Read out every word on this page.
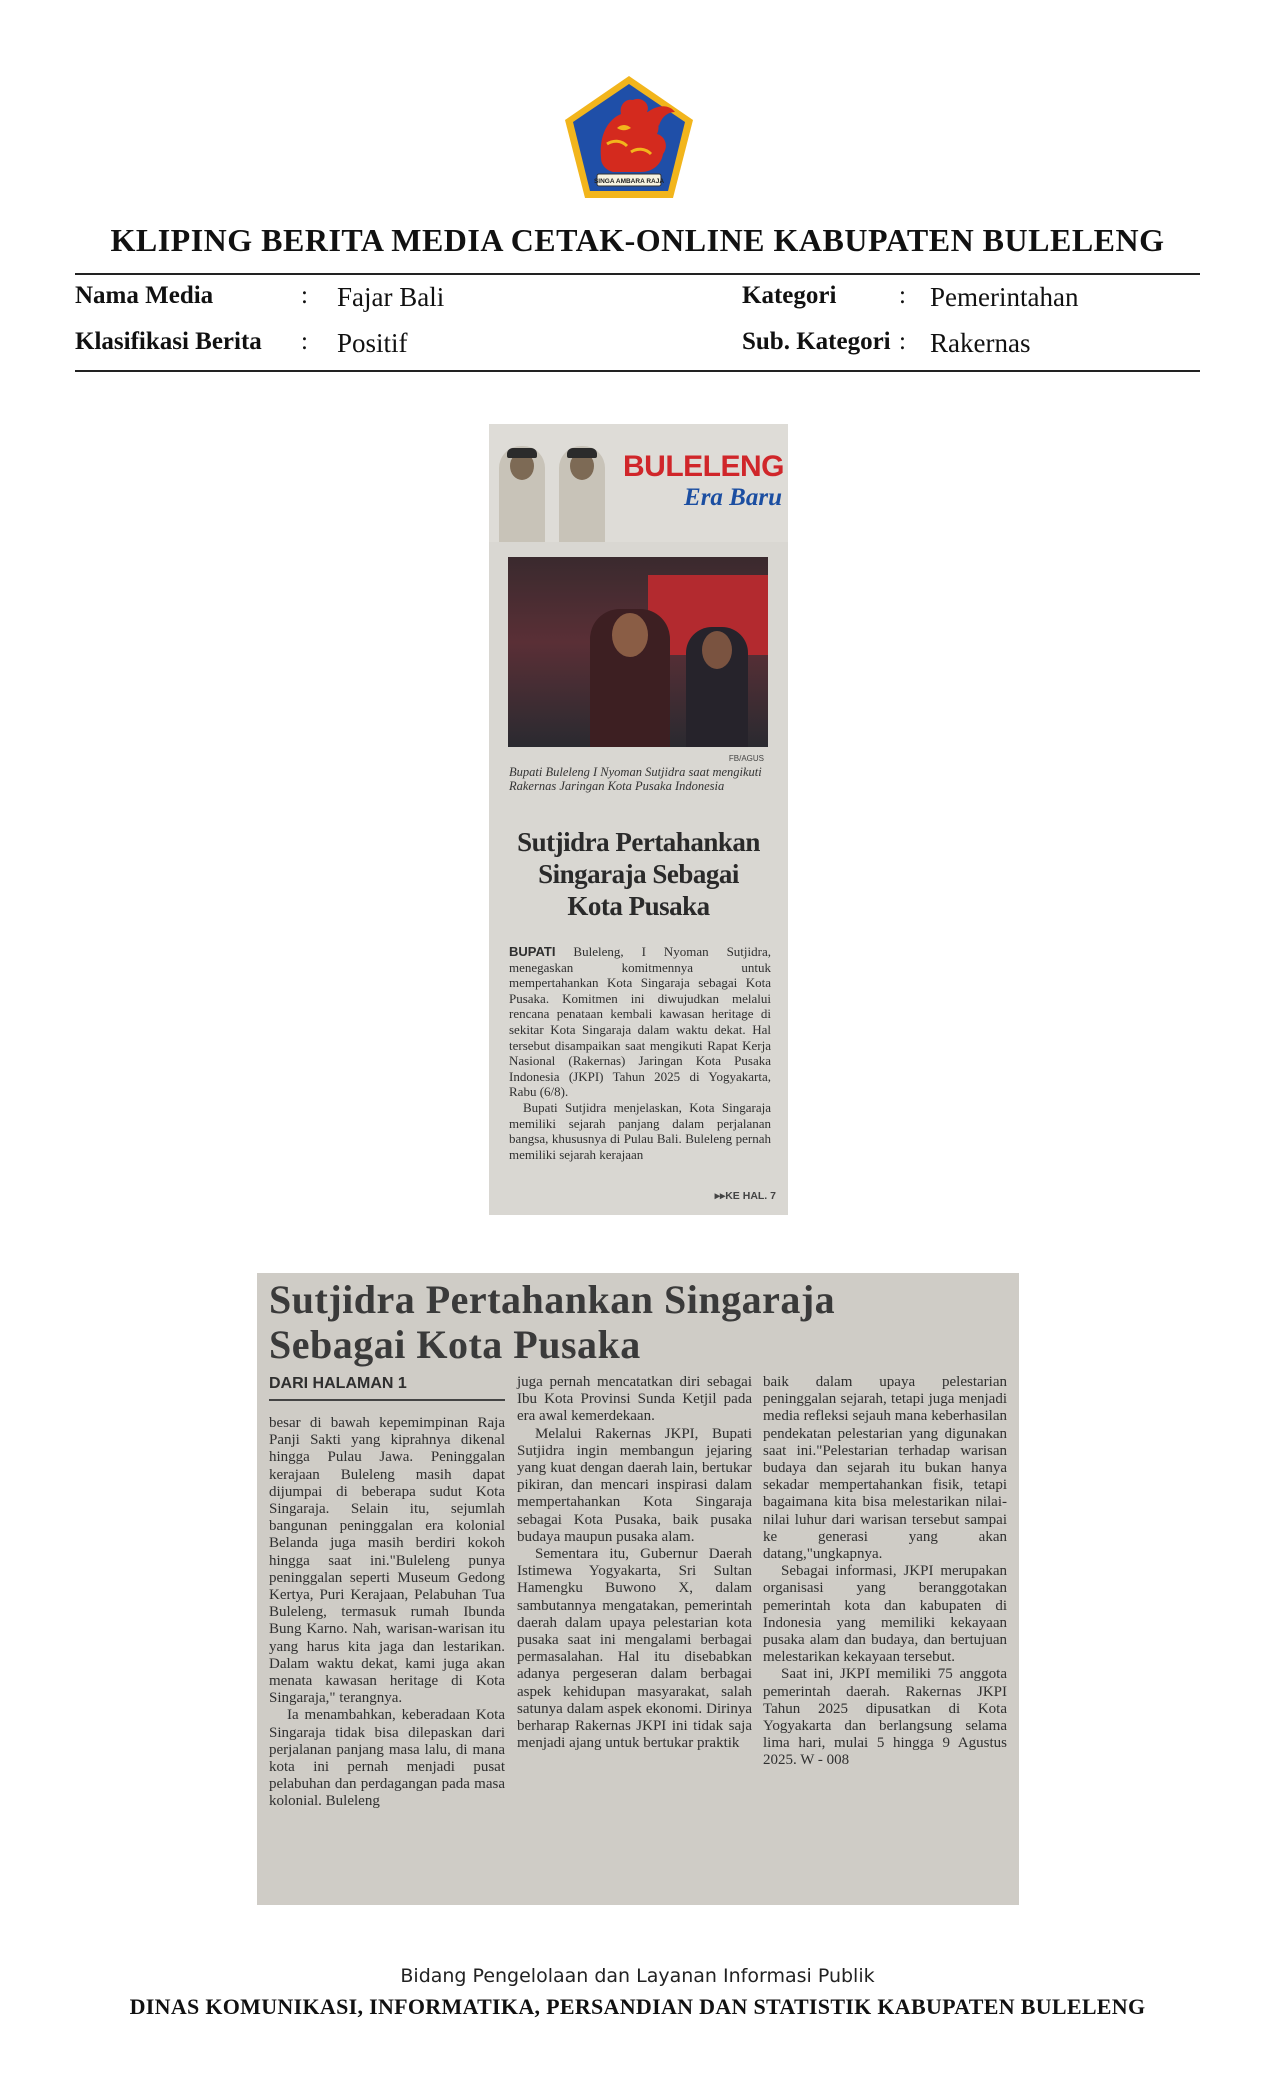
SINGA AMBARA RAJA
KLIPING BERITA MEDIA CETAK-ONLINE KABUPATEN BULELENG
Nama Media	: Fajar Bali
Klasifikasi Berita : Positif
Kategori	: Pemerintahan
Sub. Kategori : Rakernas
BULELENG
Era Baru
FB/AGUS
Bupati Buleleng I Nyoman Sutjidra saat mengikuti Rakernas Jaringan Kota Pusaka Indonesia
Sutjidra Pertahankan
Singaraja Sebagai
Kota Pusaka

BUPATI Buleleng, I Nyoman Sutjidra, menegaskan komitmennya untuk mempertahankan Kota Singaraja sebagai Kota Pusaka. Komitmen ini diwujudkan melalui rencana penataan kembali kawasan heritage di sekitar Kota Singaraja dalam waktu dekat. Hal tersebut disampaikan saat mengikuti Rapat Kerja Nasional (Rakernas) Jaringan Kota Pusaka Indonesia (JKPI) Tahun 2025 di Yogyakarta, Rabu (6/8).

Bupati Sutjidra menjelaskan, Kota Singaraja memiliki sejarah panjang dalam perjalanan bangsa, khususnya di Pulau Bali. Buleleng pernah memiliki sejarah kerajaan

▸▸KE HAL. 7
Sutjidra Pertahankan Singaraja
Sebagai Kota Pusaka
DARI HALAMAN 1

besar di bawah kepemimpinan Raja Panji Sakti yang kiprahnya dikenal hingga Pulau Jawa. Peninggalan kerajaan Buleleng masih dapat dijumpai di beberapa sudut Kota Singaraja. Selain itu, sejumlah bangunan peninggalan era kolonial Belanda juga masih berdiri kokoh hingga saat ini."Buleleng punya peninggalan seperti Museum Gedong Kertya, Puri Kerajaan, Pelabuhan Tua Buleleng, termasuk rumah Ibunda Bung Karno. Nah, warisan-warisan itu yang harus kita jaga dan lestarikan. Dalam waktu dekat, kami juga akan menata kawasan heritage di Kota Singaraja," terangnya.

Ia menambahkan, keberadaan Kota Singaraja tidak bisa dilepaskan dari perjalanan panjang masa lalu, di mana kota ini pernah menjadi pusat pelabuhan dan perdagangan pada masa kolonial. Buleleng

juga pernah mencatatkan diri sebagai Ibu Kota Provinsi Sunda Ketjil pada era awal kemerdekaan.

Melalui Rakernas JKPI, Bupati Sutjidra ingin membangun jejaring yang kuat dengan daerah lain, bertukar pikiran, dan mencari inspirasi dalam mempertahankan Kota Singaraja sebagai Kota Pusaka, baik pusaka budaya maupun pusaka alam.

Sementara itu, Gubernur Daerah Istimewa Yogyakarta, Sri Sultan Hamengku Buwono X, dalam sambutannya mengatakan, pemerintah daerah dalam upaya pelestarian kota pusaka saat ini mengalami berbagai permasalahan. Hal itu disebabkan adanya pergeseran dalam berbagai aspek kehidupan masyarakat, salah satunya dalam aspek ekonomi. Dirinya berharap Rakernas JKPI ini tidak saja menjadi ajang untuk bertukar praktik

baik dalam upaya pelestarian peninggalan sejarah, tetapi juga menjadi media refleksi sejauh mana keberhasilan pendekatan pelestarian yang digunakan saat ini."Pelestarian terhadap warisan budaya dan sejarah itu bukan hanya sekadar mempertahankan fisik, tetapi bagaimana kita bisa melestarikan nilai-nilai luhur dari warisan tersebut sampai ke generasi yang akan datang,"ungkapnya.

Sebagai informasi, JKPI merupakan organisasi yang beranggotakan pemerintah kota dan kabupaten di Indonesia yang memiliki kekayaan pusaka alam dan budaya, dan bertujuan melestarikan kekayaan tersebut.

Saat ini, JKPI memiliki 75 anggota pemerintah daerah. Rakernas JKPI Tahun 2025 dipusatkan di Kota Yogyakarta dan berlangsung selama lima hari, mulai 5 hingga 9 Agustus 2025. W - 008

Bidang Pengelolaan dan Layanan Informasi Publik
DINAS KOMUNIKASI, INFORMATIKA, PERSANDIAN DAN STATISTIK KABUPATEN BULELENG
